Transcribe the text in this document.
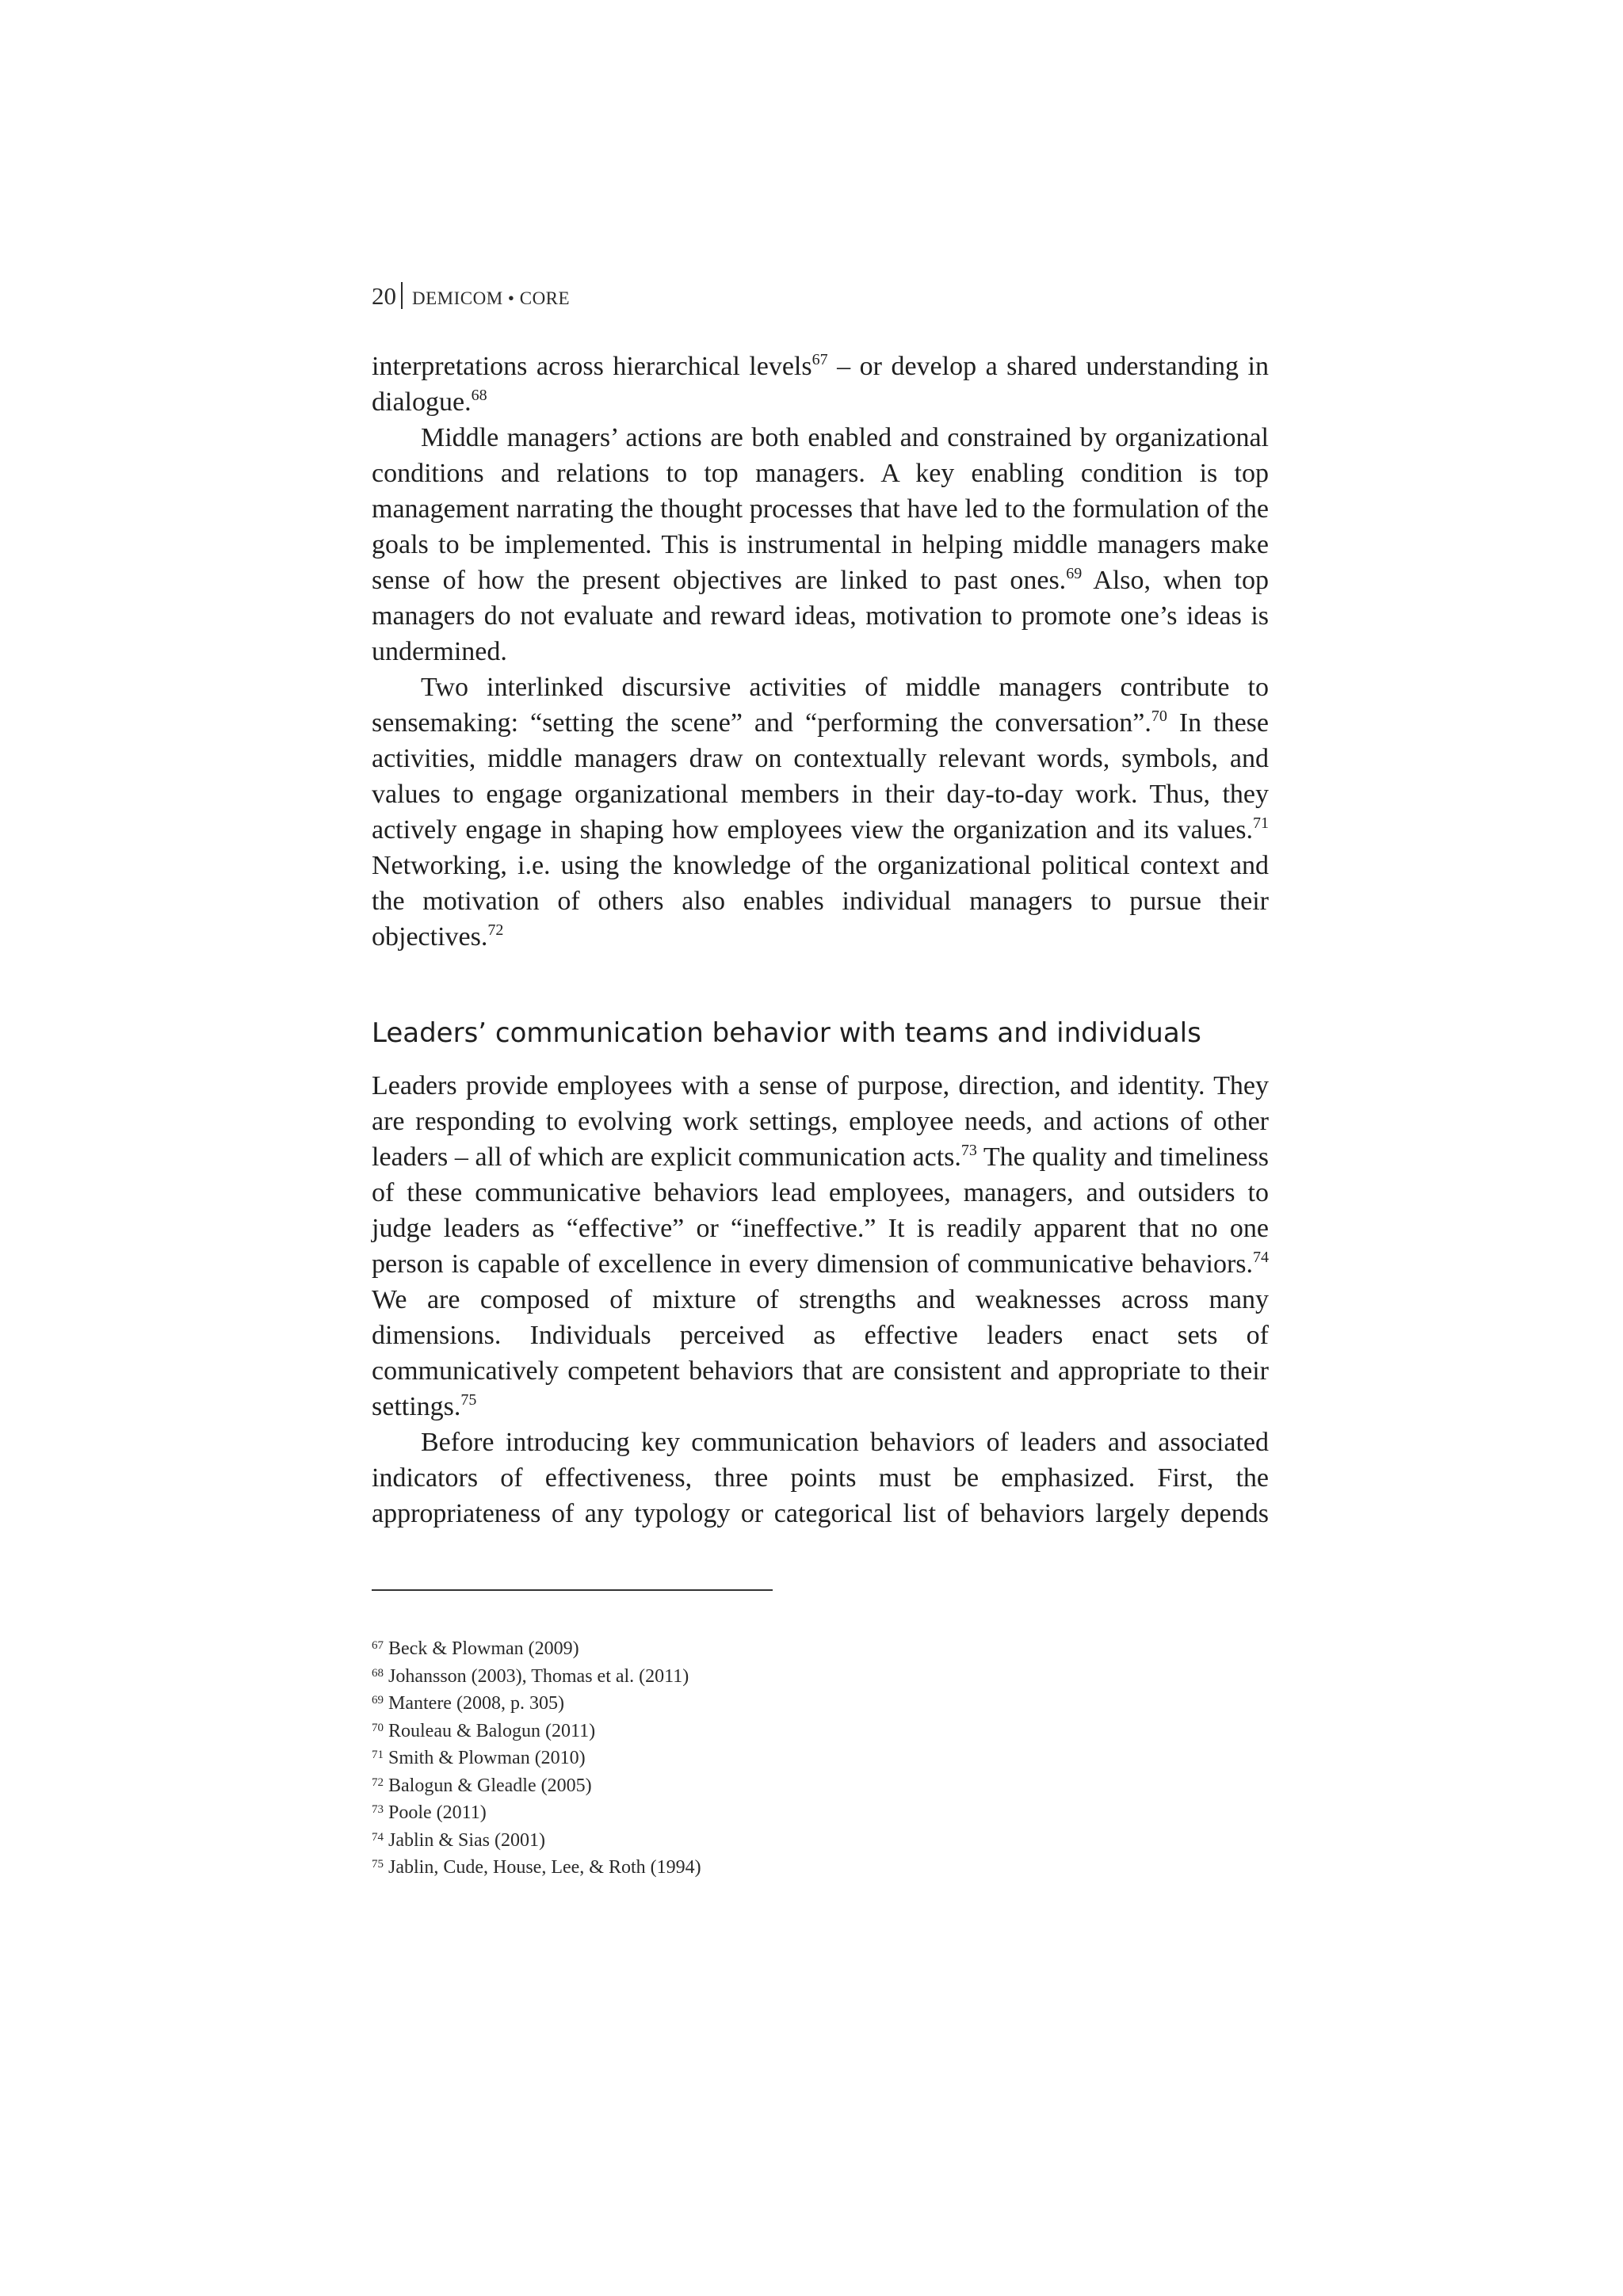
20 DEMICOM • CORE

interpretations across hierarchical levels$^{67}$ – or develop a shared understanding in dialogue.$^{68}$

Middle managers’ actions are both enabled and constrained by organizational conditions and relations to top managers. A key enabling condition is top management narrating the thought processes that have led to the formulation of the goals to be implemented. This is instrumental in helping middle managers make sense of how the present objectives are linked to past ones.$^{69}$ Also, when top managers do not evaluate and reward ideas, motivation to promote one’s ideas is undermined.

Two interlinked discursive activities of middle managers contribute to sensemaking: “setting the scene” and “performing the conversation”.$^{70}$ In these activities, middle managers draw on contextually relevant words, symbols, and values to engage organizational members in their day-to-day work. Thus, they actively engage in shaping how employees view the organization and its values.$^{71}$ Networking, i.e. using the knowledge of the organizational political context and the motivation of others also enables individual managers to pursue their objectives.$^{72}$

Leaders’ communication behavior with teams and individuals

Leaders provide employees with a sense of purpose, direction, and identity. They are responding to evolving work settings, employee needs, and actions of other leaders – all of which are explicit communication acts.$^{73}$ The quality and timeliness of these communicative behaviors lead employees, managers, and outsiders to judge leaders as “effective” or “ineffective.” It is readily apparent that no one person is capable of excellence in every dimension of communicative behaviors.$^{74}$ We are composed of mixture of strengths and weaknesses across many dimensions. Individuals perceived as effective leaders enact sets of communicatively competent behaviors that are consistent and appropriate to their settings.$^{75}$

Before introducing key communication behaviors of leaders and associated indicators of effectiveness, three points must be emphasized. First, the appropriateness of any typology or categorical list of behaviors largely depends

$^{67}$ Beck & Plowman (2009)
$^{68}$ Johansson (2003), Thomas et al. (2011)
$^{69}$ Mantere (2008, p. 305)
$^{70}$ Rouleau & Balogun (2011)
$^{71}$ Smith & Plowman (2010)
$^{72}$ Balogun & Gleadle (2005)
$^{73}$ Poole (2011)
$^{74}$ Jablin & Sias (2001)
$^{75}$ Jablin, Cude, House, Lee, & Roth (1994)
